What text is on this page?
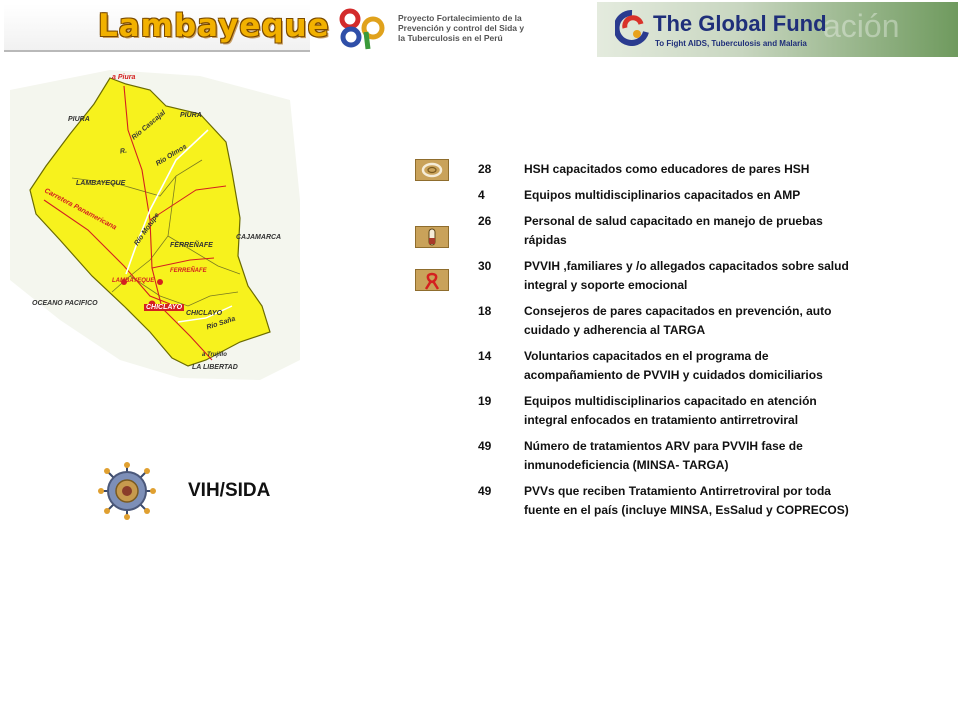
Lambayeque	Proyecto Fortalecimiento de la
Prevención y control del Sida y
la Tuberculosis en el Perú	ación
The Global Fund
To Fight AIDS, Tuberculosis and Malaria
a Piura
PIURA
PIURA
R.
Río Cascajal
Río Olmos
LAMBAYEQUE
Carretera Panamericana Río Motupe	CAJAMARCA
FERREÑAFE
FERREÑAFE
LAMBAYEQUE
OCEANO PACIFICO
CHICLAYO
CHICLAYO
Río Saña
a Trujillo
LA LIBERTAD
VIH/SIDA
28	HSH capacitados como educadores de pares HSH
4	Equipos multidisciplinarios capacitados en AMP
26	Personal de salud capacitado en manejo de pruebas rápidas
30	PVVIH ,familiares y /o allegados capacitados sobre salud integral y soporte emocional
18	Consejeros de pares capacitados en prevención, auto cuidado y adherencia al TARGA
14	Voluntarios capacitados en el programa de acompañamiento de PVVIH y cuidados domiciliarios
19	Equipos multidisciplinarios capacitado en atención integral enfocados en tratamiento antirretroviral
49	Número de tratamientos ARV para PVVIH fase de inmunodeficiencia (MINSA- TARGA)
49	PVVs que reciben Tratamiento Antirretroviral por toda fuente en el país (incluye MINSA, EsSalud y COPRECOS)
